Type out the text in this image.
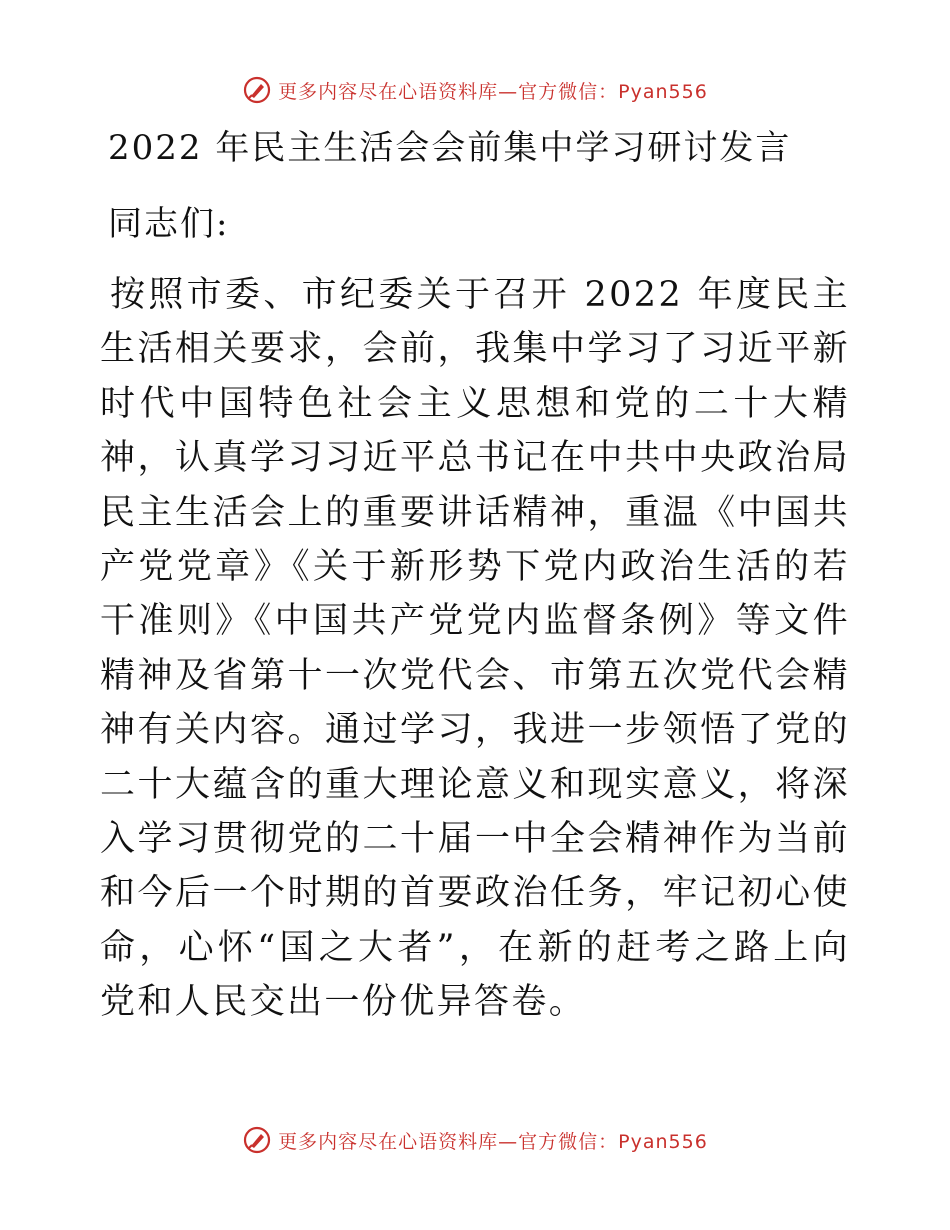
更多内容尽在心语资料库—官方微信：Pyan556
2022 年民主生活会会前集中学习研讨发言

同志们:

按照市委、市纪委关于召开 2022 年度民主生活相关要求，会前，我集中学习了习近平新时代中国特色社会主义思想和党的二十大精神，认真学习习近平总书记在中共中央政治局民主生活会上的重要讲话精神，重温《中国共产党党章》《关于新形势下党内政治生活的若干准则》《中国共产党党内监督条例》等文件精神及省第十一次党代会、市第五次党代会精神有关内容。通过学习，我进一步领悟了党的二十大蕴含的重大理论意义和现实意义，将深入学习贯彻党的二十届一中全会精神作为当前和今后一个时期的首要政治任务，牢记初心使命，心怀“国之大者”，在新的赶考之路上向党和人民交出一份优异答卷。

更多内容尽在心语资料库—官方微信：Pyan556
